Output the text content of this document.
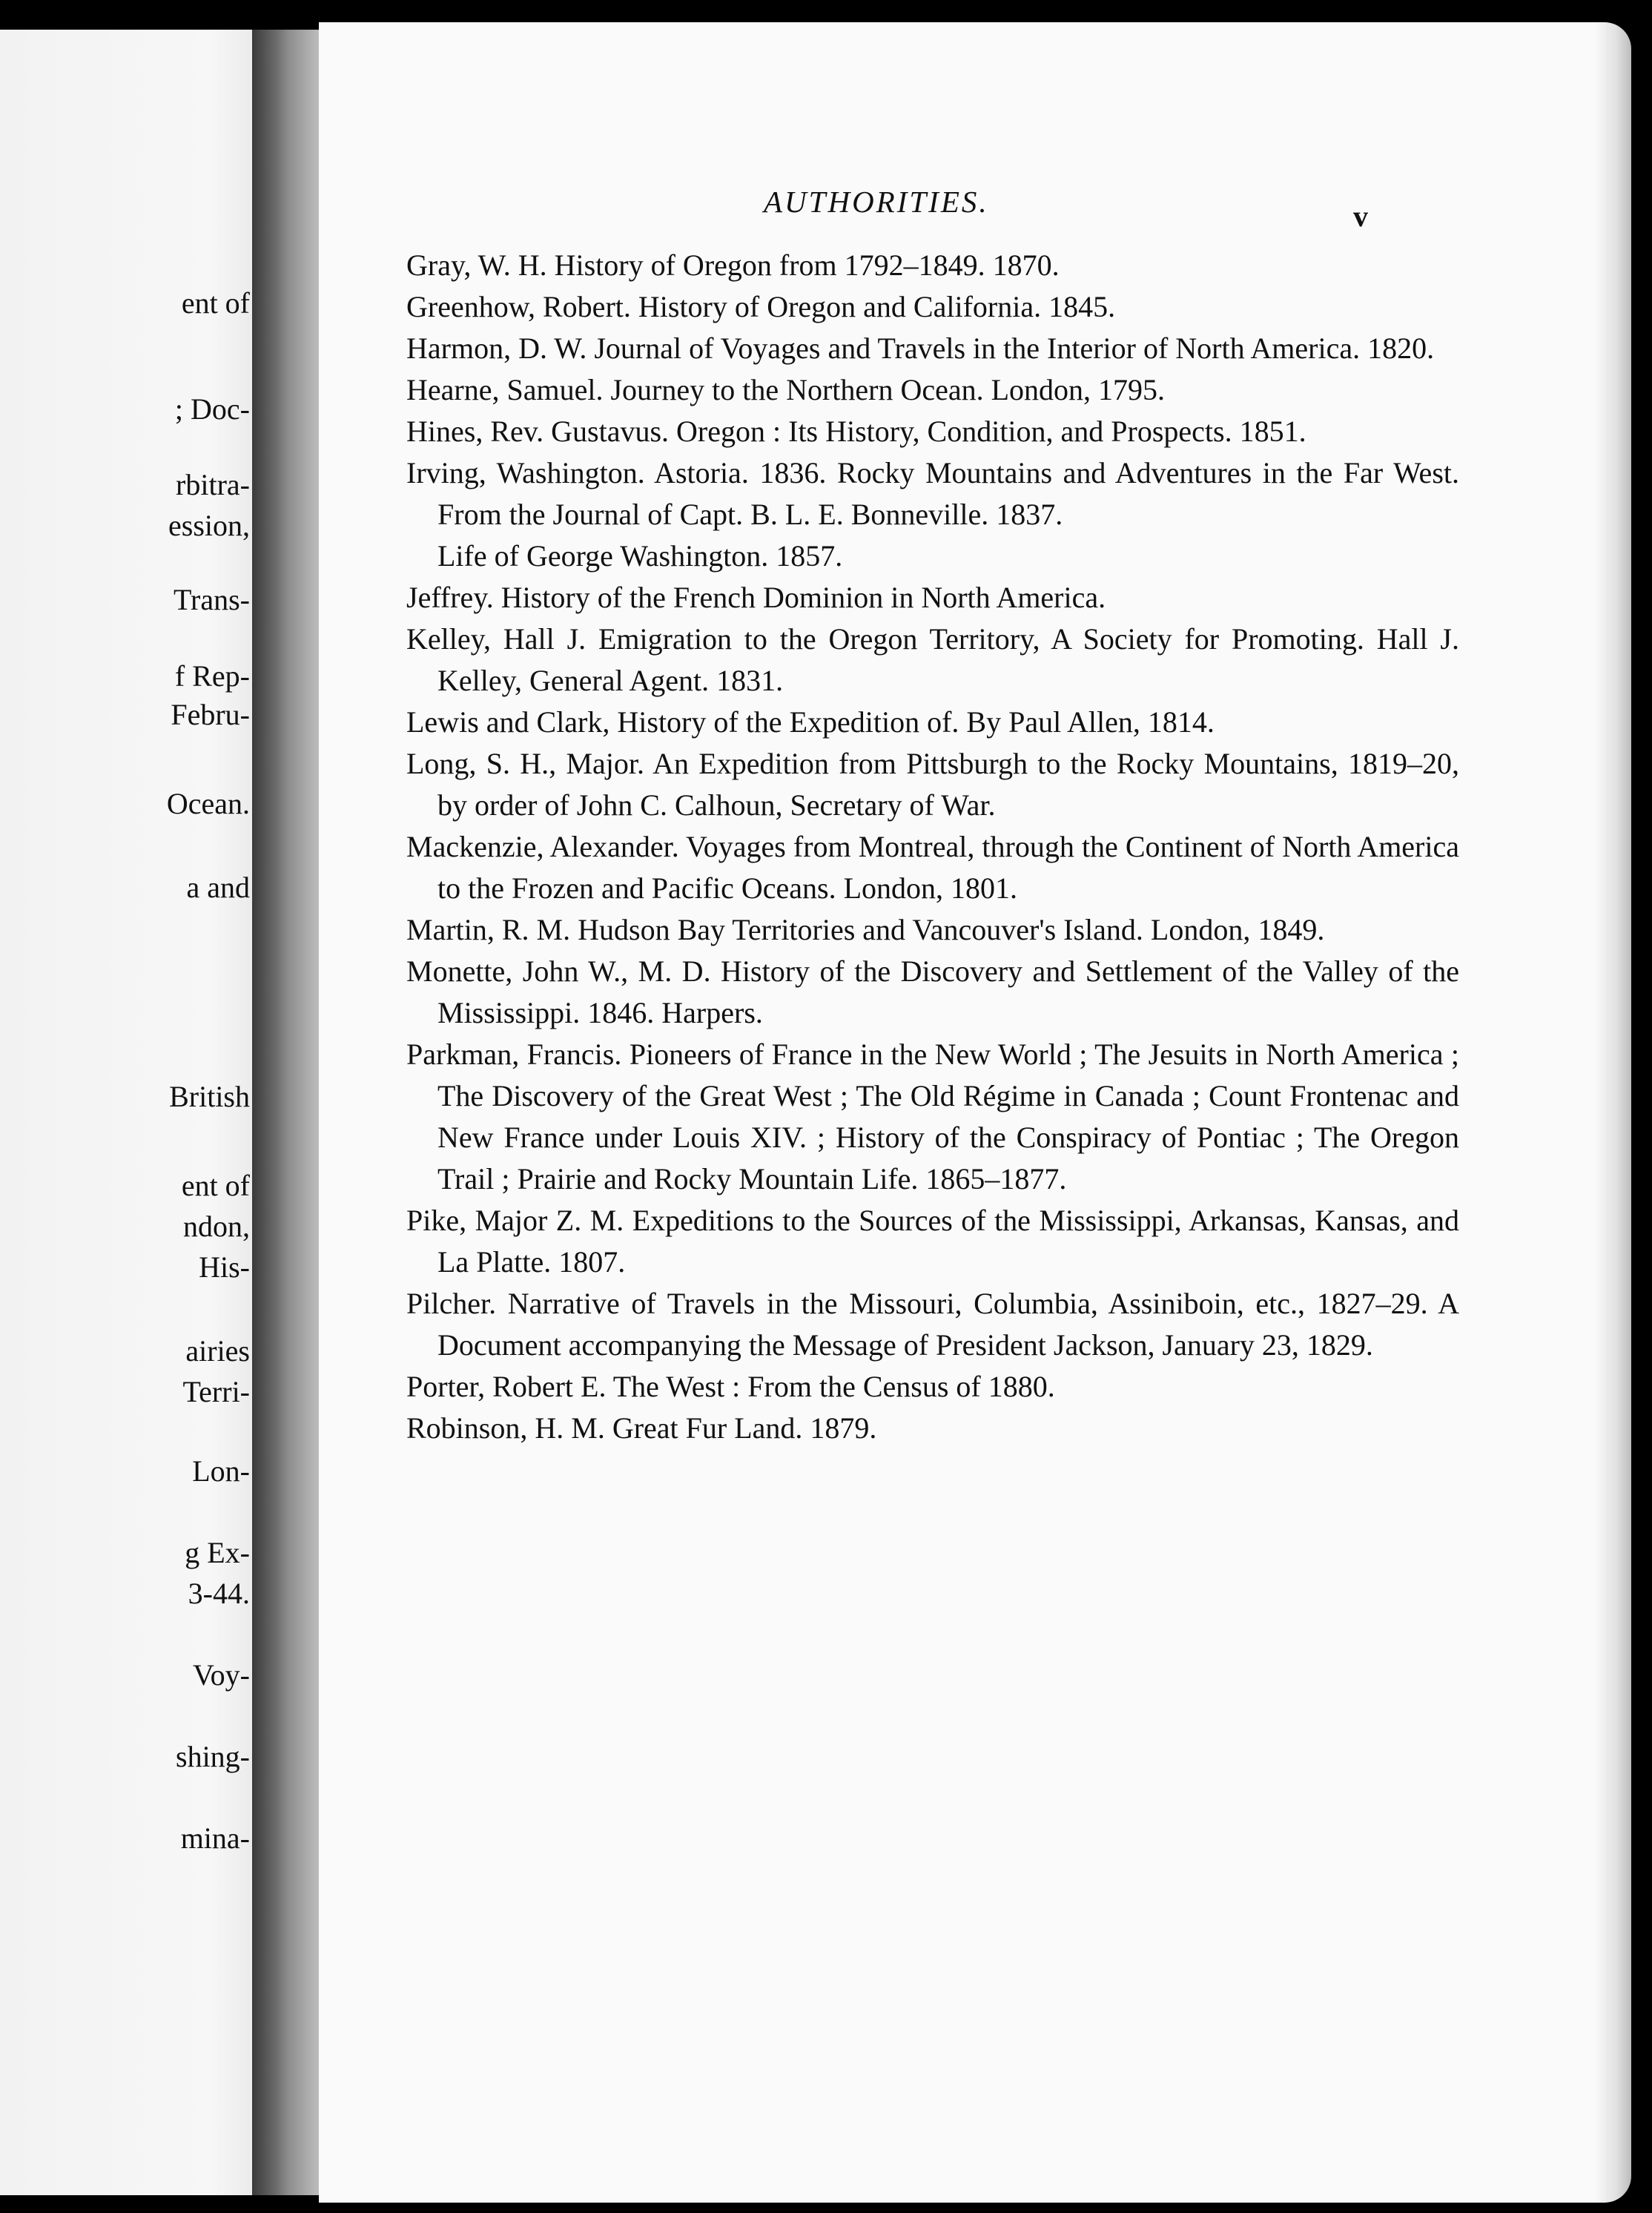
ent of
; Doc-
rbitra-
ession,
Trans-
f Rep-
Febru-
Ocean.
a and
British
ent of
ndon,
His-
airies
Terri-
Lon-
g Ex-
3-44.
Voy-
shing-
mina-
AUTHORITIES.	v

Gray, W. H. History of Oregon from 1792–1849. 1870.

Greenhow, Robert. History of Oregon and California. 1845.

Harmon, D. W. Journal of Voyages and Travels in the Interior of North America. 1820.

Hearne, Samuel. Journey to the Northern Ocean. London, 1795.

Hines, Rev. Gustavus. Oregon : Its History, Condition, and Prospects. 1851.

Irving, Washington. Astoria. 1836. Rocky Mountains and Adventures in the Far West. From the Journal of Capt. B. L. E. Bonneville. 1837.

Life of George Washington. 1857.

Jeffrey. History of the French Dominion in North America.

Kelley, Hall J. Emigration to the Oregon Territory, A Society for Promoting. Hall J. Kelley, General Agent. 1831.

Lewis and Clark, History of the Expedition of. By Paul Allen, 1814.

Long, S. H., Major. An Expedition from Pittsburgh to the Rocky Mountains, 1819–20, by order of John C. Calhoun, Secretary of War.

Mackenzie, Alexander. Voyages from Montreal, through the Continent of North America to the Frozen and Pacific Oceans. London, 1801.

Martin, R. M. Hudson Bay Territories and Vancouver's Island. London, 1849.

Monette, John W., M. D. History of the Discovery and Settlement of the Valley of the Mississippi. 1846. Harpers.

Parkman, Francis. Pioneers of France in the New World ; The Jesuits in North America ; The Discovery of the Great West ; The Old Régime in Canada ; Count Frontenac and New France under Louis XIV. ; History of the Conspiracy of Pontiac ; The Oregon Trail ; Prairie and Rocky Mountain Life. 1865–1877.

Pike, Major Z. M. Expeditions to the Sources of the Mississippi, Arkansas, Kansas, and La Platte. 1807.

Pilcher. Narrative of Travels in the Missouri, Columbia, Assiniboin, etc., 1827–29. A Document accompanying the Message of President Jackson, January 23, 1829.

Porter, Robert E. The West : From the Census of 1880.

Robinson, H. M. Great Fur Land. 1879.
